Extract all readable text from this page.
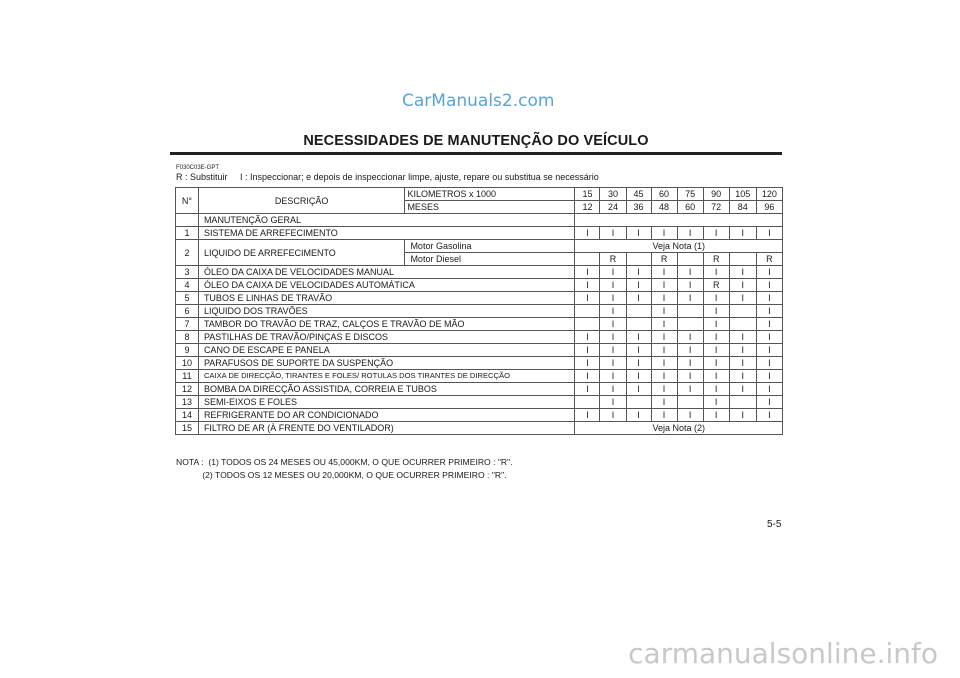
CarManuals2.com
NECESSIDADES DE MANUTENÇÃO DO VEÍCULO
F030C03E-GPT
R : Substituir I : Inspeccionar; e depois de inspeccionar limpe, ajuste, repare ou substitua se necessário
N°	DESCRIÇÃO	KILOMETROS x 1000	15	30	45	60	75	90	105	120
		MESES	12	24	36	48	60	72	84	96
	MANUTENÇÃO GERAL									
1	SISTEMA DE ARREFECIMENTO		I	I	I	I	I	I	I	I
2	LIQUIDO DE ARREFECIMENTO	Motor Gasolina	Veja Nota (1)							
		Motor Diesel		R		R		R		R
3	ÓLEO DA CAIXA DE VELOCIDADES MANUAL		I	I	I	I	I	I	I	I
4	ÓLEO DA CAIXA DE VELOCIDADES AUTOMÁTICA		I	I	I	I	I	R	I	I
5	TUBOS E LINHAS DE TRAVÃO		I	I	I	I	I	I	I	I
6	LIQUIDO DOS TRAVÕES			I		I		I		I
7	TAMBOR DO TRAVÃO DE TRAZ, CALÇOS E TRAVÃO DE MÃO			I		I		I		I
8	PASTILHAS DE TRAVÃO/PINÇAS E DISCOS		I	I	I	I	I	I	I	I
9	CANO DE ESCAPE E PANELA		I	I	I	I	I	I	I	I
10	PARAFUSOS DE SUPORTE DA SUSPENÇÃO		I	I	I	I	I	I	I	I
11	CAIXA DE DIRECÇÃO, TIRANTES E FOLES/ ROTULAS DOS TIRANTES DE DIRECÇÃO		I	I	I	I	I	I	I	I
12	BOMBA DA DIRECÇÃO ASSISTIDA, CORREIA E TUBOS		I	I	I	I	I	I	I	I
13	SEMI-EIXOS E FOLES			I		I		I		I
14	REFRIGERANTE DO AR CONDICIONADO		I	I	I	I	I	I	I	I
15	FILTRO DE AR (À FRENTE DO VENTILADOR)		Veja Nota (2)							
NOTA : (1) TODOS OS 24 MESES OU 45,000KM, O QUE OCURRER PRIMEIRO : "R".
(2) TODOS OS 12 MESES OU 20,000KM, O QUE OCURRER PRIMEIRO : "R".
5-5
carmanualsonline.info
